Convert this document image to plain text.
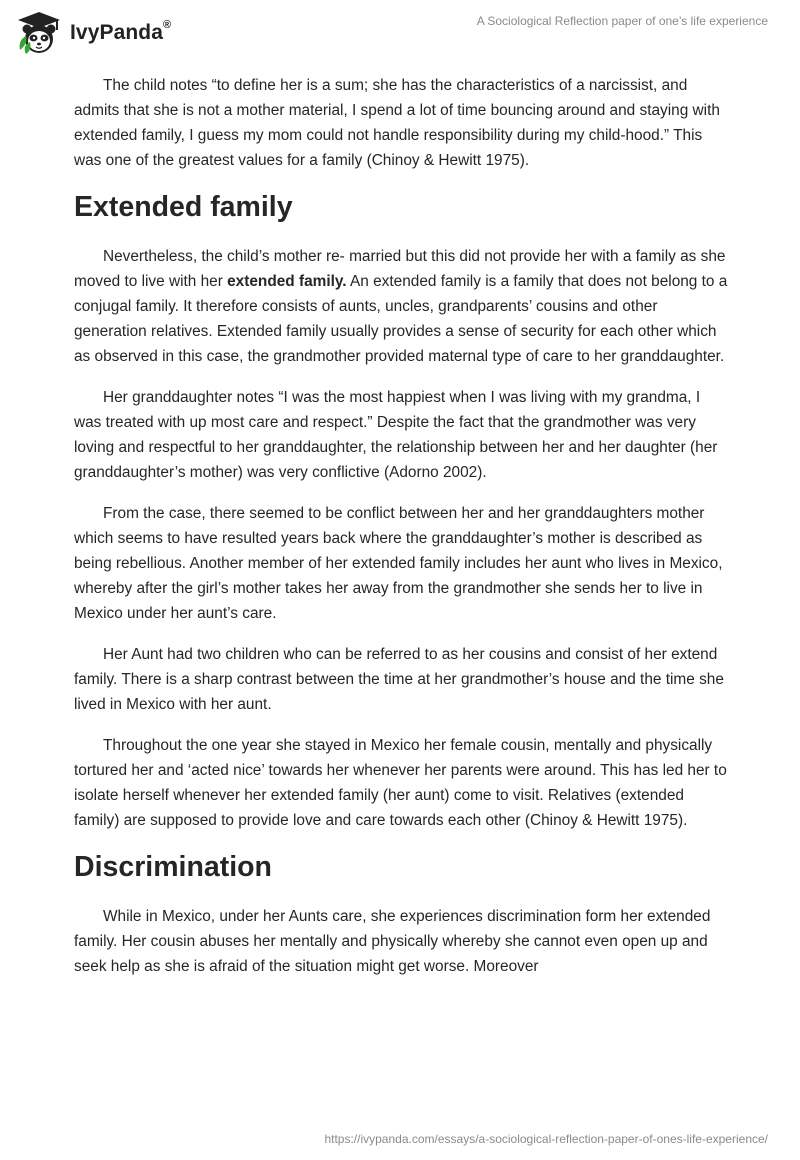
IvyPanda®	A Sociological Reflection paper of one’s life experience

The child notes “to define her is a sum; she has the characteristics of a narcissist, and admits that she is not a mother material, I spend a lot of time bouncing around and staying with extended family, I guess my mom could not handle responsibility during my child-hood.” This was one of the greatest values for a family (Chinoy & Hewitt 1975).

Extended family

Nevertheless, the child’s mother re- married but this did not provide her with a family as she moved to live with her extended family. An extended family is a family that does not belong to a conjugal family. It therefore consists of aunts, uncles, grandparents’ cousins and other generation relatives. Extended family usually provides a sense of security for each other which as observed in this case, the grandmother provided maternal type of care to her granddaughter.

Her granddaughter notes “I was the most happiest when I was living with my grandma, I was treated with up most care and respect.” Despite the fact that the grandmother was very loving and respectful to her granddaughter, the relationship between her and her daughter (her granddaughter’s mother) was very conflictive (Adorno 2002).

From the case, there seemed to be conflict between her and her granddaughters mother which seems to have resulted years back where the granddaughter’s mother is described as being rebellious. Another member of her extended family includes her aunt who lives in Mexico, whereby after the girl’s mother takes her away from the grandmother she sends her to live in Mexico under her aunt’s care.

Her Aunt had two children who can be referred to as her cousins and consist of her extend family. There is a sharp contrast between the time at her grandmother’s house and the time she lived in Mexico with her aunt.

Throughout the one year she stayed in Mexico her female cousin, mentally and physically tortured her and ‘acted nice’ towards her whenever her parents were around. This has led her to isolate herself whenever her extended family (her aunt) come to visit. Relatives (extended family) are supposed to provide love and care towards each other (Chinoy & Hewitt 1975).

Discrimination

While in Mexico, under her Aunts care, she experiences discrimination form her extended family. Her cousin abuses her mentally and physically whereby she cannot even open up and seek help as she is afraid of the situation might get worse. Moreover

https://ivypanda.com/essays/a-sociological-reflection-paper-of-ones-life-experience/
